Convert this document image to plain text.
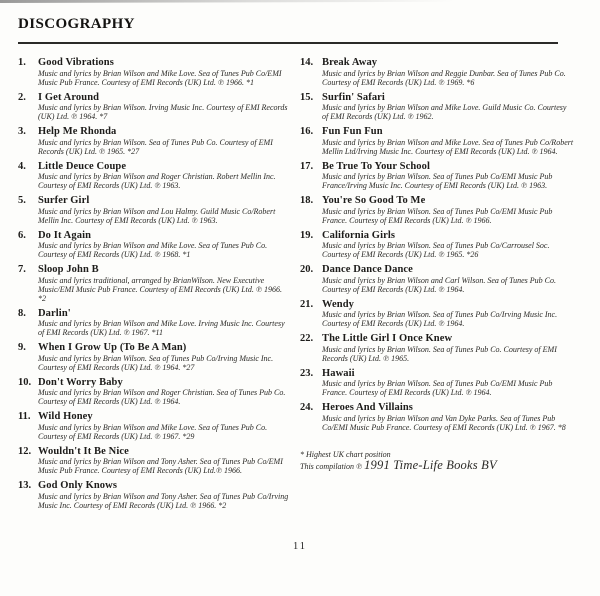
DISCOGRAPHY
1.	Good Vibrations
Music and lyrics by Brian Wilson and Mike Love. Sea of Tunes Pub Co/EMI Music Pub France. Courtesy of EMI Records (UK) Ltd. ℗ 1966. *1
2.	I Get Around
Music and lyrics by Brian Wilson. Irving Music Inc. Courtesy of EMI Records (UK) Ltd. ℗ 1964. *7
3.	Help Me Rhonda
Music and lyrics by Brian Wilson. Sea of Tunes Pub Co. Courtesy of EMI Records (UK) Ltd. ℗ 1965. *27
4.	Little Deuce Coupe
Music and lyrics by Brian Wilson and Roger Christian. Robert Mellin Inc. Courtesy of EMI Records (UK) Ltd. ℗ 1963.
5.	Surfer Girl
Music and lyrics by Brian Wilson and Lou Halmy. Guild Music Co/Robert Mellin Inc. Courtesy of EMI Records (UK) Ltd. ℗ 1963.
6.	Do It Again
Music and lyrics by Brian Wilson and Mike Love. Sea of Tunes Pub Co. Courtesy of EMI Records (UK) Ltd. ℗ 1968. *1
7.	Sloop John B
Music and lyrics traditional, arranged by BrianWilson. New Executive Music/EMI Music Pub France. Courtesy of EMI Records (UK) Ltd. ℗ 1966. *2
8.	Darlin'
Music and lyrics by Brian Wilson and Mike Love. Irving Music Inc. Courtesy of EMI Records (UK) Ltd. ℗ 1967. *11
9.	When I Grow Up (To Be A Man)
Music and lyrics by Brian Wilson. Sea of Tunes Pub Co/Irving Music Inc. Courtesy of EMI Records (UK) Ltd. ℗ 1964. *27
10. Don't Worry Baby
Music and lyrics by Brian Wilson and Roger Christian. Sea of Tunes Pub Co. Courtesy of EMI Records (UK) Ltd. ℗ 1964.
11. Wild Honey
Music and lyrics by Brian Wilson and Mike Love. Sea of Tunes Pub Co. Courtesy of EMI Records (UK) Ltd. ℗ 1967. *29
12. Wouldn't It Be Nice
Music and lyrics by Brian Wilson and Tony Asher. Sea of Tunes Pub Co/EMI Music Pub France. Courtesy of EMI Records (UK) Ltd.℗ 1966.
13. God Only Knows
Music and lyrics by Brian Wilson and Tony Asher. Sea of Tunes Pub Co/Irving Music Inc. Courtesy of EMI Records (UK) Ltd. ℗ 1966. *2
14. Break Away
Music and lyrics by Brian Wilson and Reggie Dunbar. Sea of Tunes Pub Co. Courtesy of EMI Records (UK) Ltd. ℗ 1969. *6
15. Surfin' Safari
Music and lyrics by Brian Wilson and Mike Love. Guild Music Co. Courtesy of EMI Records (UK) Ltd. ℗ 1962.
16. Fun Fun Fun
Music and lyrics by Brian Wilson and Mike Love. Sea of Tunes Pub Co/Robert Mellin Ltd/Irving Music Inc. Courtesy of EMI Records (UK) Ltd. ℗ 1964.
17. Be True To Your School
Music and lyrics by Brian Wilson. Sea of Tunes Pub Co/EMI Music Pub France/Irving Music Inc. Courtesy of EMI Records (UK) Ltd. ℗ 1963.
18. You're So Good To Me
Music and lyrics by Brian Wilson. Sea of Tunes Pub Co/EMI Music Pub France. Courtesy of EMI Records (UK) Ltd. ℗ 1966.
19. California Girls
Music and lyrics by Brian Wilson. Sea of Tunes Pub Co/Carrousel Soc. Courtesy of EMI Records (UK) Ltd. ℗ 1965. *26
20. Dance Dance Dance
Music and lyrics by Brian Wilson and Carl Wilson. Sea of Tunes Pub Co. Courtesy of EMI Records (UK) Ltd. ℗ 1964.
21. Wendy
Music and lyrics by Brian Wilson. Sea of Tunes Pub Co/Irving Music Inc. Courtesy of EMI Records (UK) Ltd. ℗ 1964.
22. The Little Girl I Once Knew
Music and lyrics by Brian Wilson. Sea of Tunes Pub Co. Courtesy of EMI Records (UK) Ltd. ℗ 1965.
23. Hawaii
Music and lyrics by Brian Wilson. Sea of Tunes Pub Co/EMI Music Pub France. Courtesy of EMI Records (UK) Ltd. ℗ 1964.
24. Heroes And Villains
Music and lyrics by Brian Wilson and Van Dyke Parks. Sea of Tunes Pub Co/EMI Music Pub France. Courtesy of EMI Records (UK) Ltd. ℗ 1967. *8
* Highest UK chart position
This compilation ℗ 1991 Time-Life Books BV
11
